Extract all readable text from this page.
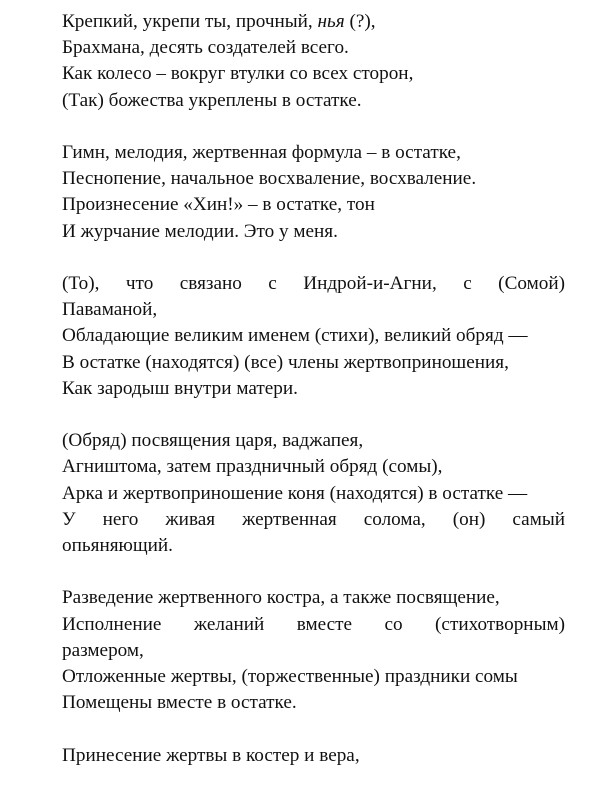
Крепкий, укрепи ты, прочный, нья (?),
Брахмана, десять создателей всего.
Как колесо – вокруг втулки со всех сторон,
(Так) божества укреплены в остатке.
Гимн, мелодия, жертвенная формула – в остатке,
Песнопение, начальное восхваление, восхваление.
Произнесение «Хин!» – в остатке, тон
И журчание мелодии. Это у меня.
(То), что связано с Индрой-и-Агни, с (Сомой)
Паваманой,
Обладающие великим именем (стихи), великий обряд —
В остатке (находятся) (все) члены жертвоприношения,
Как зародыш внутри матери.
(Обряд) посвящения царя, ваджапея,
Агништома, затем праздничный обряд (сомы),
Арка и жертвоприношение коня (находятся) в остатке —
У него живая жертвенная солома, (он) самый
опьяняющий.
Разведение жертвенного костра, а также посвящение,
Исполнение желаний вместе со (стихотворным)
размером,
Отложенные жертвы, (торжественные) праздники сомы
Помещены вместе в остатке.
Принесение жертвы в костер и вера,
